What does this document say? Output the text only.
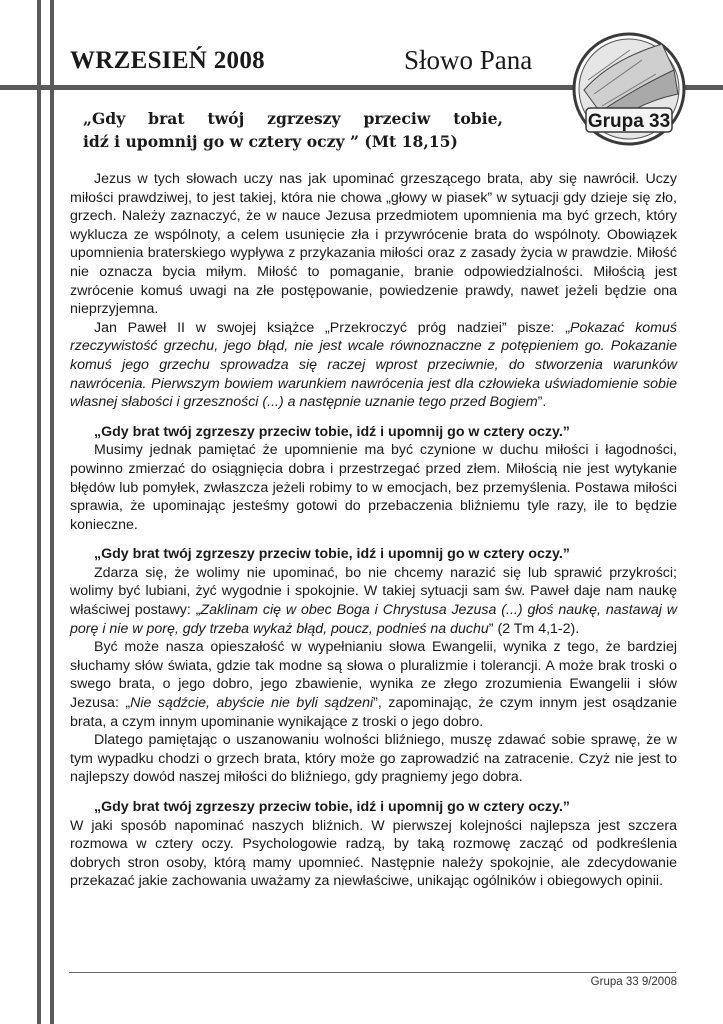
WRZESIEŃ 2008	Słowo Pana
Grupa 33
„Gdy brat twój zgrzeszy przeciw tobie,
idź i upomnij go w cztery oczy ” (Mt 18,15)

Jezus w tych słowach uczy nas jak upominać grzeszącego brata, aby się nawrócił. Uczy miłości prawdziwej, to jest takiej, która nie chowa „głowy w piasek” w sytuacji gdy dzieje się zło, grzech. Należy zaznaczyć, że w nauce Jezusa przedmiotem upomnienia ma być grzech, który wyklucza ze wspólnoty, a celem usunięcie zła i przywrócenie brata do wspólnoty. Obowiązek upomnienia braterskiego wypływa z przykazania miłości oraz z zasady życia w prawdzie. Miłość nie oznacza bycia miłym. Miłość to pomaganie, branie odpowiedzialności. Miłością jest zwrócenie komuś uwagi na złe postępowanie, powiedzenie prawdy, nawet jeżeli będzie ona nieprzyjemna.

Jan Paweł II w swojej książce „Przekroczyć próg nadziei” pisze: „Pokazać komuś rzeczywistość grzechu, jego błąd, nie jest wcale równoznaczne z potępieniem go. Pokazanie komuś jego grzechu sprowadza się raczej wprost przeciwnie, do stworzenia warunków nawrócenia. Pierwszym bowiem warunkiem nawrócenia jest dla człowieka uświadomienie sobie własnej słabości i grzeszności (...) a następnie uznanie tego przed Bogiem”.

„Gdy brat twój zgrzeszy przeciw tobie, idź i upomnij go w cztery oczy.”

Musimy jednak pamiętać że upomnienie ma być czynione w duchu miłości i łagodności, powinno zmierzać do osiągnięcia dobra i przestrzegać przed złem. Miłością nie jest wytykanie błędów lub pomyłek, zwłaszcza jeżeli robimy to w emocjach, bez przemyślenia. Postawa miłości sprawia, że upominając jesteśmy gotowi do przebaczenia bliźniemu tyle razy, ile to będzie konieczne.

„Gdy brat twój zgrzeszy przeciw tobie, idź i upomnij go w cztery oczy.”

Zdarza się, że wolimy nie upominać, bo nie chcemy narazić się lub sprawić przykrości; wolimy być lubiani, żyć wygodnie i spokojnie. W takiej sytuacji sam św. Paweł daje nam naukę właściwej postawy: „Zaklinam cię w obec Boga i Chrystusa Jezusa (...) głoś naukę, nastawaj w porę i nie w porę, gdy trzeba wykaż błąd, poucz, podnieś na duchu” (2 Tm 4,1-2).

Być może nasza opieszałość w wypełnianiu słowa Ewangelii, wynika z tego, że bardziej słuchamy słów świata, gdzie tak modne są słowa o pluralizmie i tolerancji. A może brak troski o swego brata, o jego dobro, jego zbawienie, wynika ze złego zrozumienia Ewangelii i słów Jezusa: „Nie sądźcie, abyście nie byli sądzeni”, zapominając, że czym innym jest osądzanie brata, a czym innym upominanie wynikające z troski o jego dobro.

Dlatego pamiętając o uszanowaniu wolności bliźniego, muszę zdawać sobie sprawę, że w tym wypadku chodzi o grzech brata, który może go zaprowadzić na zatracenie. Czyż nie jest to najlepszy dowód naszej miłości do bliźniego, gdy pragniemy jego dobra.

„Gdy brat twój zgrzeszy przeciw tobie, idź i upomnij go w cztery oczy.”

W jaki sposób napominać naszych bliźnich. W pierwszej kolejności najlepsza jest szczera rozmowa w cztery oczy. Psychologowie radzą, by taką rozmowę zacząć od podkreślenia dobrych stron osoby, którą mamy upomnieć. Następnie należy spokojnie, ale zdecydowanie przekazać jakie zachowania uważamy za niewłaściwe, unikając ogólników i obiegowych opinii.

Grupa 33 9/2008
